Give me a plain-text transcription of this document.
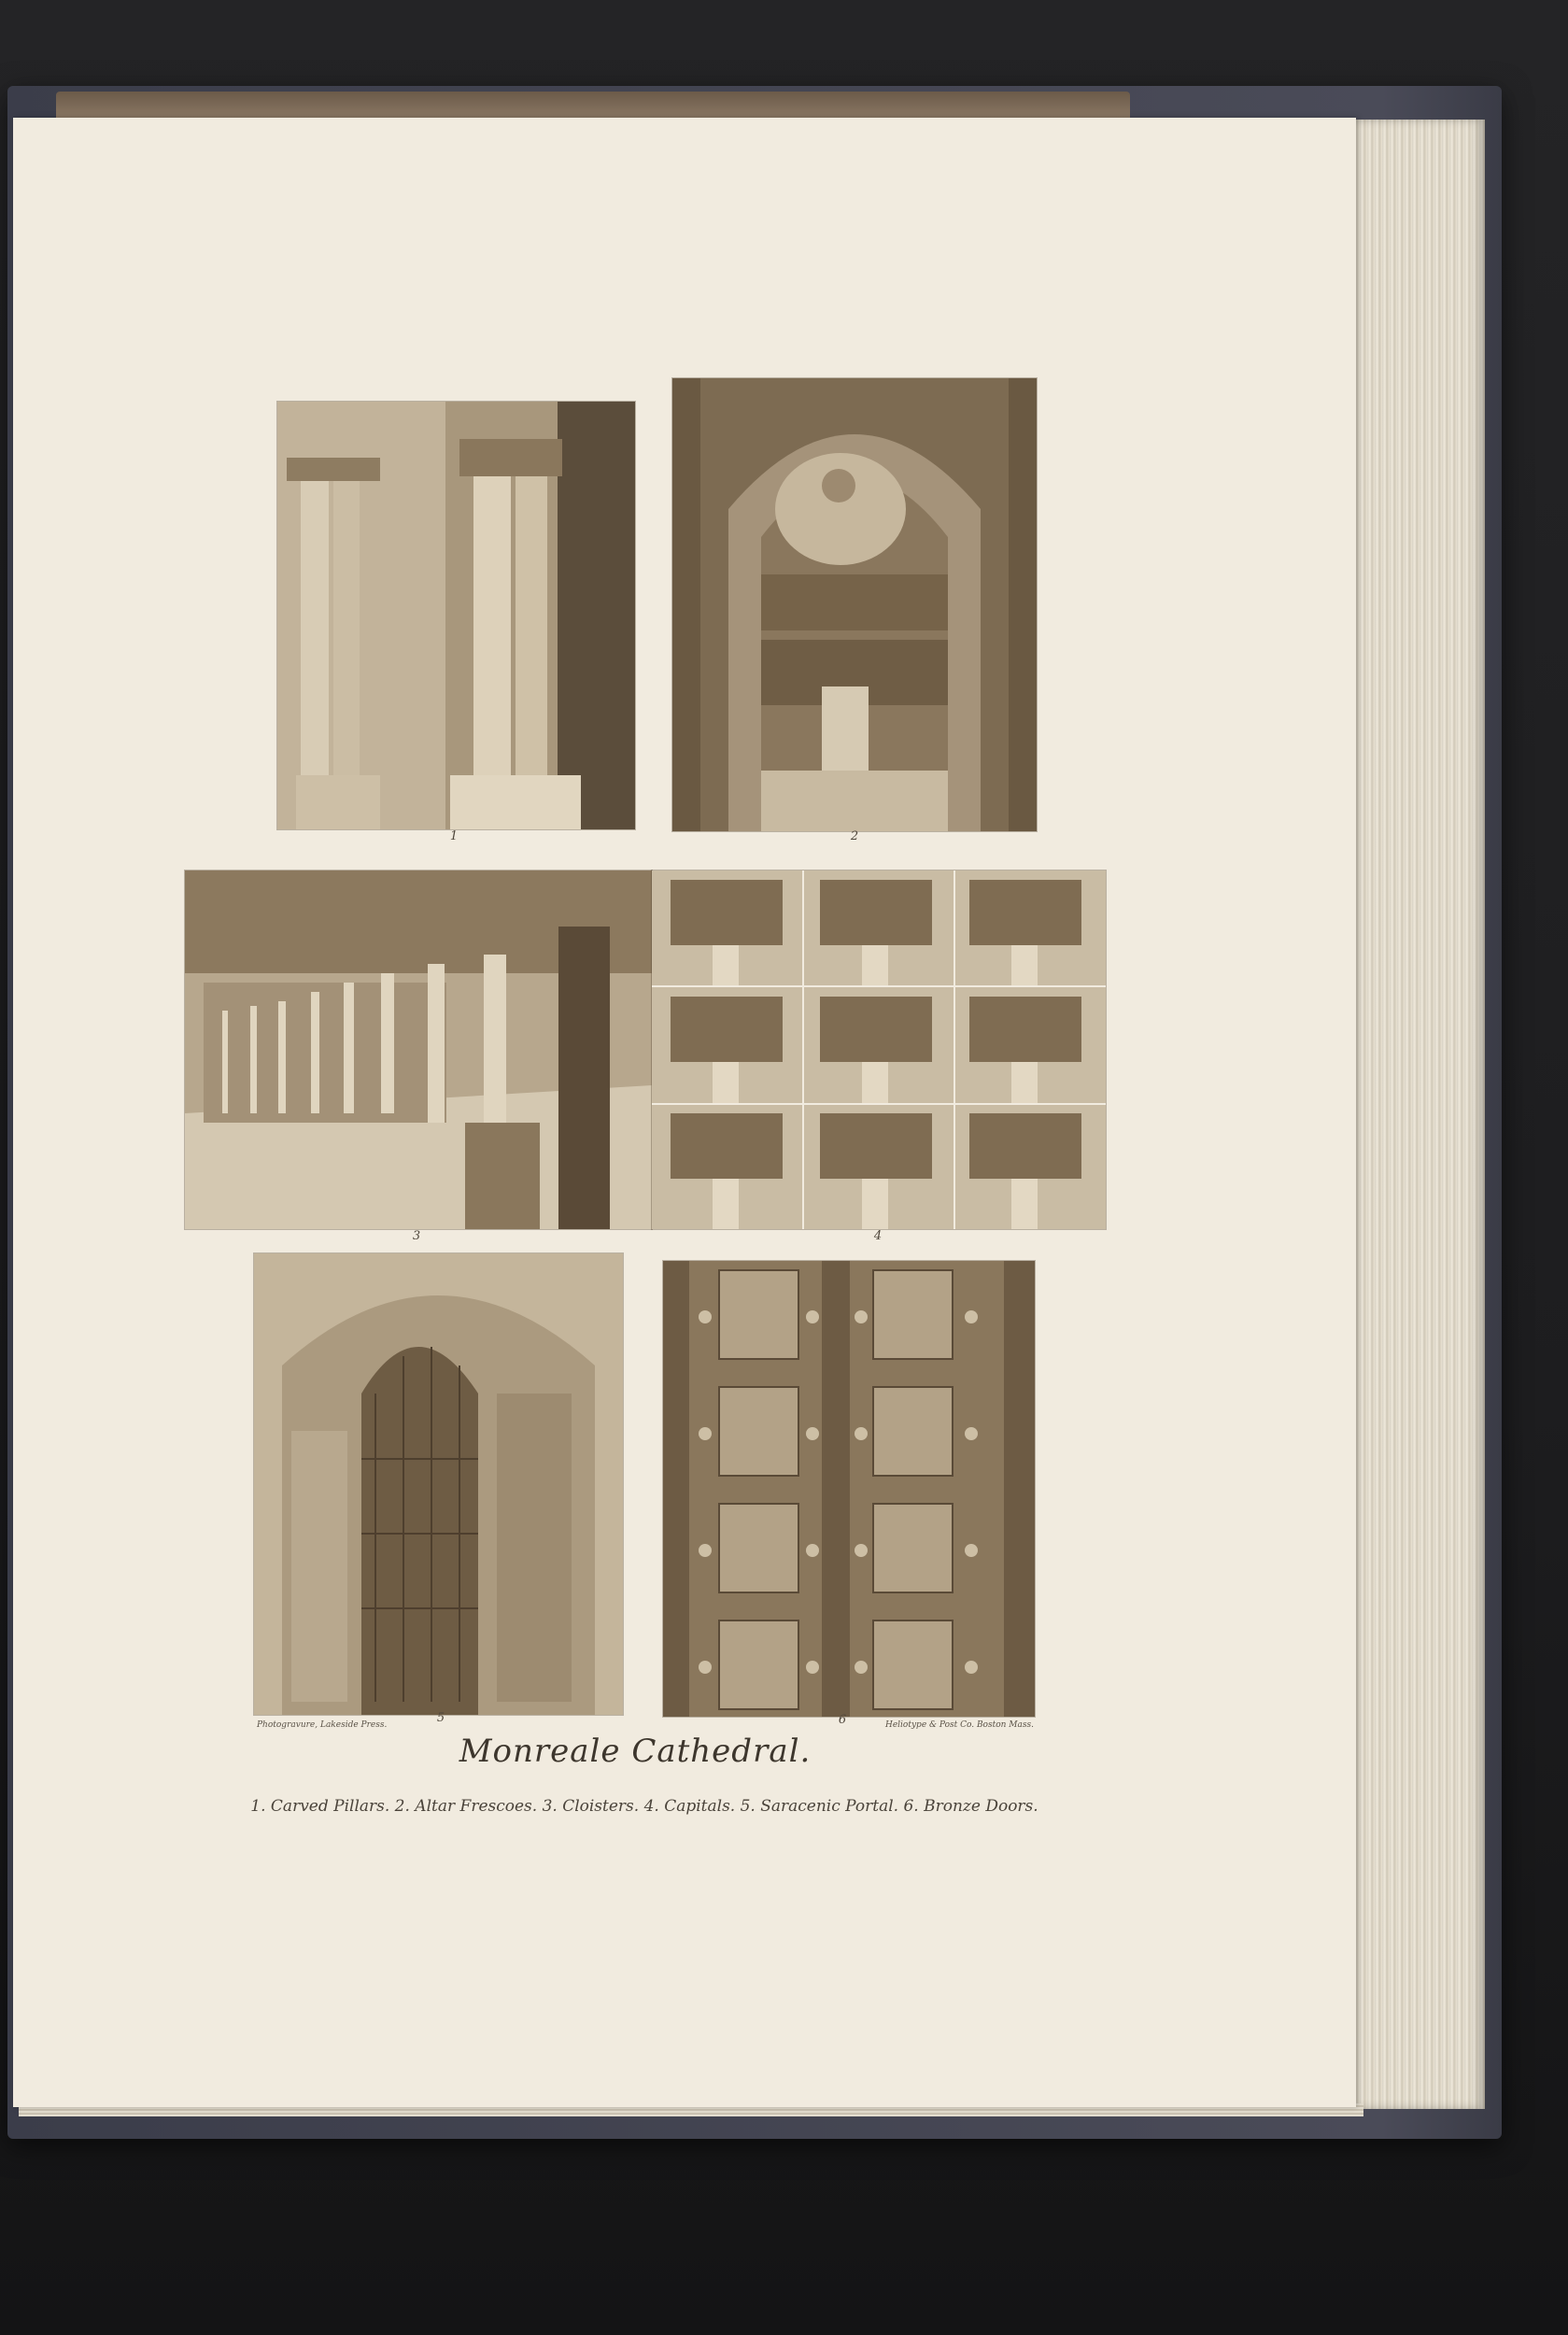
1	2
3	4
5	6
Photogravure, Lakeside Press.	Heliotype & Post Co. Boston Mass.
Monreale Cathedral.
1. Carved Pillars. 2. Altar Frescoes. 3. Cloisters. 4. Capitals. 5. Saracenic Portal. 6. Bronze Doors.
